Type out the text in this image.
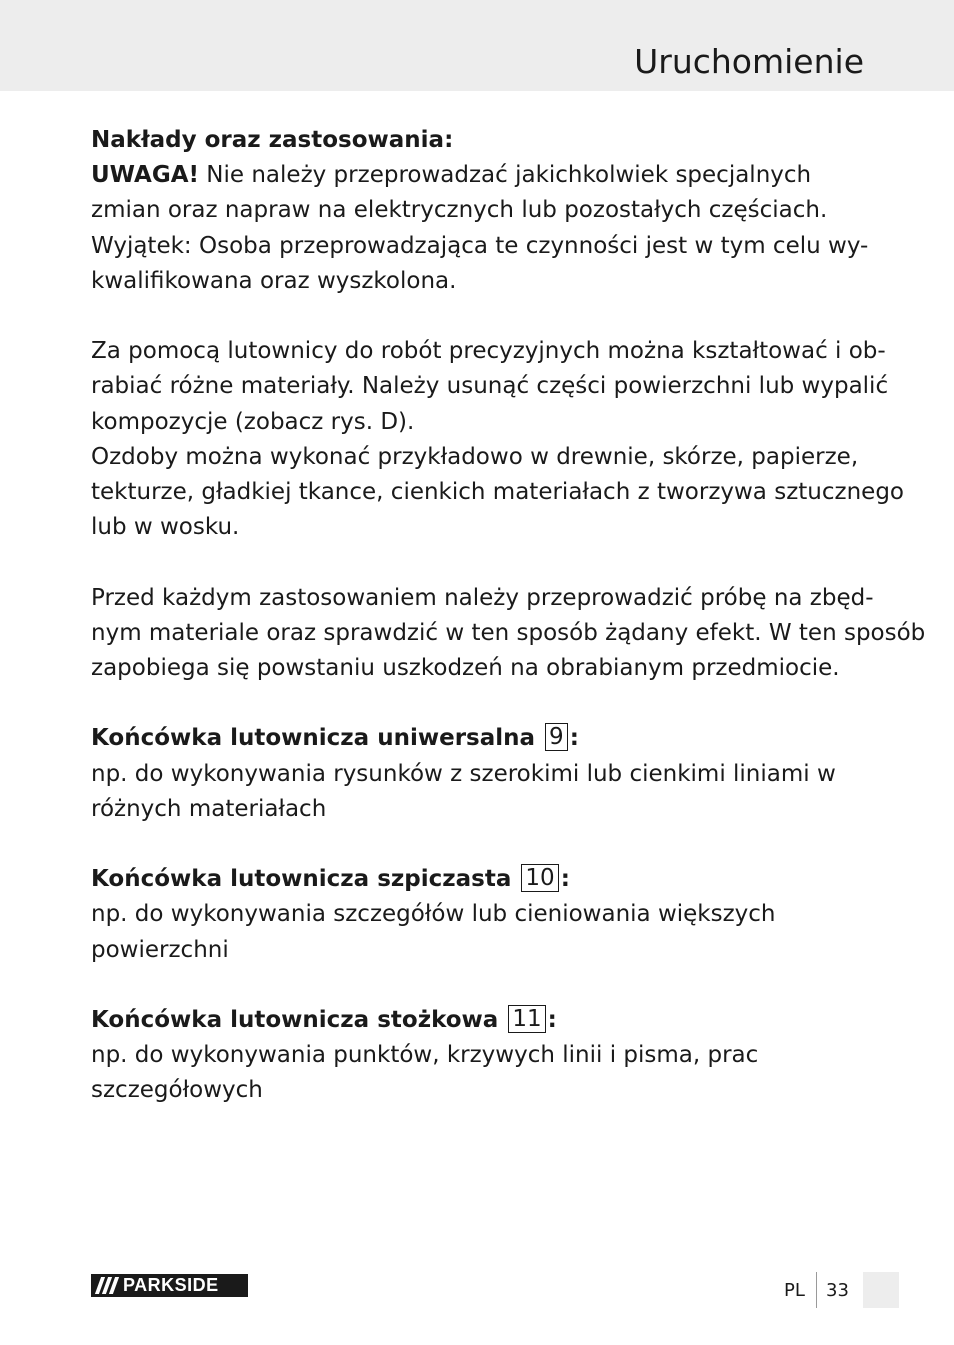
Uruchomienie
Nakłady oraz zastosowania:
UWAGA! Nie należy przeprowadzać jakichkolwiek specjalnych
zmian oraz napraw na elektrycznych lub pozostałych częściach.
Wyjątek: Osoba przeprowadzająca te czynności jest w tym celu wy-
kwalifikowana oraz wyszkolona.
Za pomocą lutownicy do robót precyzyjnych można kształtować i ob-
rabiać różne materiały. Należy usunąć części powierzchni lub wypalić
kompozycje (zobacz rys. D).
Ozdoby można wykonać przykładowo w drewnie, skórze, papierze,
tekturze, gładkiej tkance, cienkich materiałach z tworzywa sztucznego
lub w wosku.
Przed każdym zastosowaniem należy przeprowadzić próbę na zbęd-
nym materiale oraz sprawdzić w ten sposób żądany efekt. W ten sposób
zapobiega się powstaniu uszkodzeń na obrabianym przedmiocie.
Końcówka lutownicza uniwersalna 9 :
np. do wykonywania rysunków z szerokimi lub cienkimi liniami w
różnych materiałach
Końcówka lutownicza szpiczasta 10 :
np. do wykonywania szczegółów lub cieniowania większych
powierzchni
Końcówka lutownicza stożkowa 11 :
np. do wykonywania punktów, krzywych linii i pisma, prac
szczegółowych
PARKSIDE	PL 33
